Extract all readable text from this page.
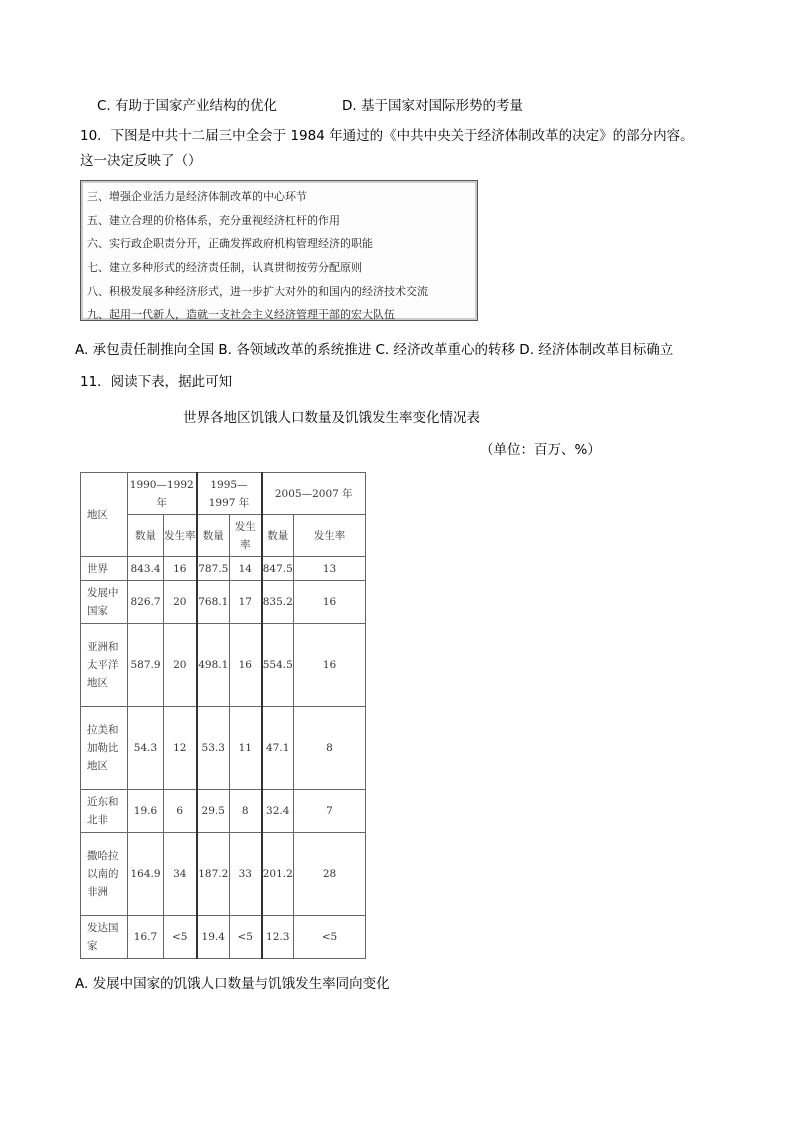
C. 有助于国家产业结构的优化	D. 基于国家对国际形势的考量
10．下图是中共十二届三中全会于 1984 年通过的《中共中央关于经济体制改革的决定》的部分内容。
这一决定反映了（）
三、增强企业活力是经济体制改革的中心环节
五、建立合理的价格体系，充分重视经济杠杆的作用
六、实行政企职责分开，正确发挥政府机构管理经济的职能
七、建立多种形式的经济责任制，认真贯彻按劳分配原则
八、积极发展多种经济形式，进一步扩大对外的和国内的经济技术交流
九、起用一代新人，造就一支社会主义经济管理干部的宏大队伍
A. 承包责任制推向全国 B. 各领域改革的系统推进 C. 经济改革重心的转移 D. 经济体制改革目标确立
11．阅读下表，据此可知
世界各地区饥饿人口数量及饥饿发生率变化情况表
（单位：百万、%）
地区	1990—1992 年		1995—1997 年		2005—2007 年	
	数量	发生率	数量	发生率	数量	发生率
世界	843.4	16	787.5	14	847.5	13
发展中国家	826.7	20	768.1	17	835.2	16
亚洲和太平洋地区	587.9	20	498.1	16	554.5	16
拉美和加勒比地区	54.3	12	53.3	11	47.1	8
近东和北非	19.6	6	29.5	8	32.4	7
撒哈拉以南的非洲	164.9	34	187.2	33	201.2	28
发达国家	16.7	<5	19.4	<5	12.3	<5
A. 发展中国家的饥饿人口数量与饥饿发生率同向变化
